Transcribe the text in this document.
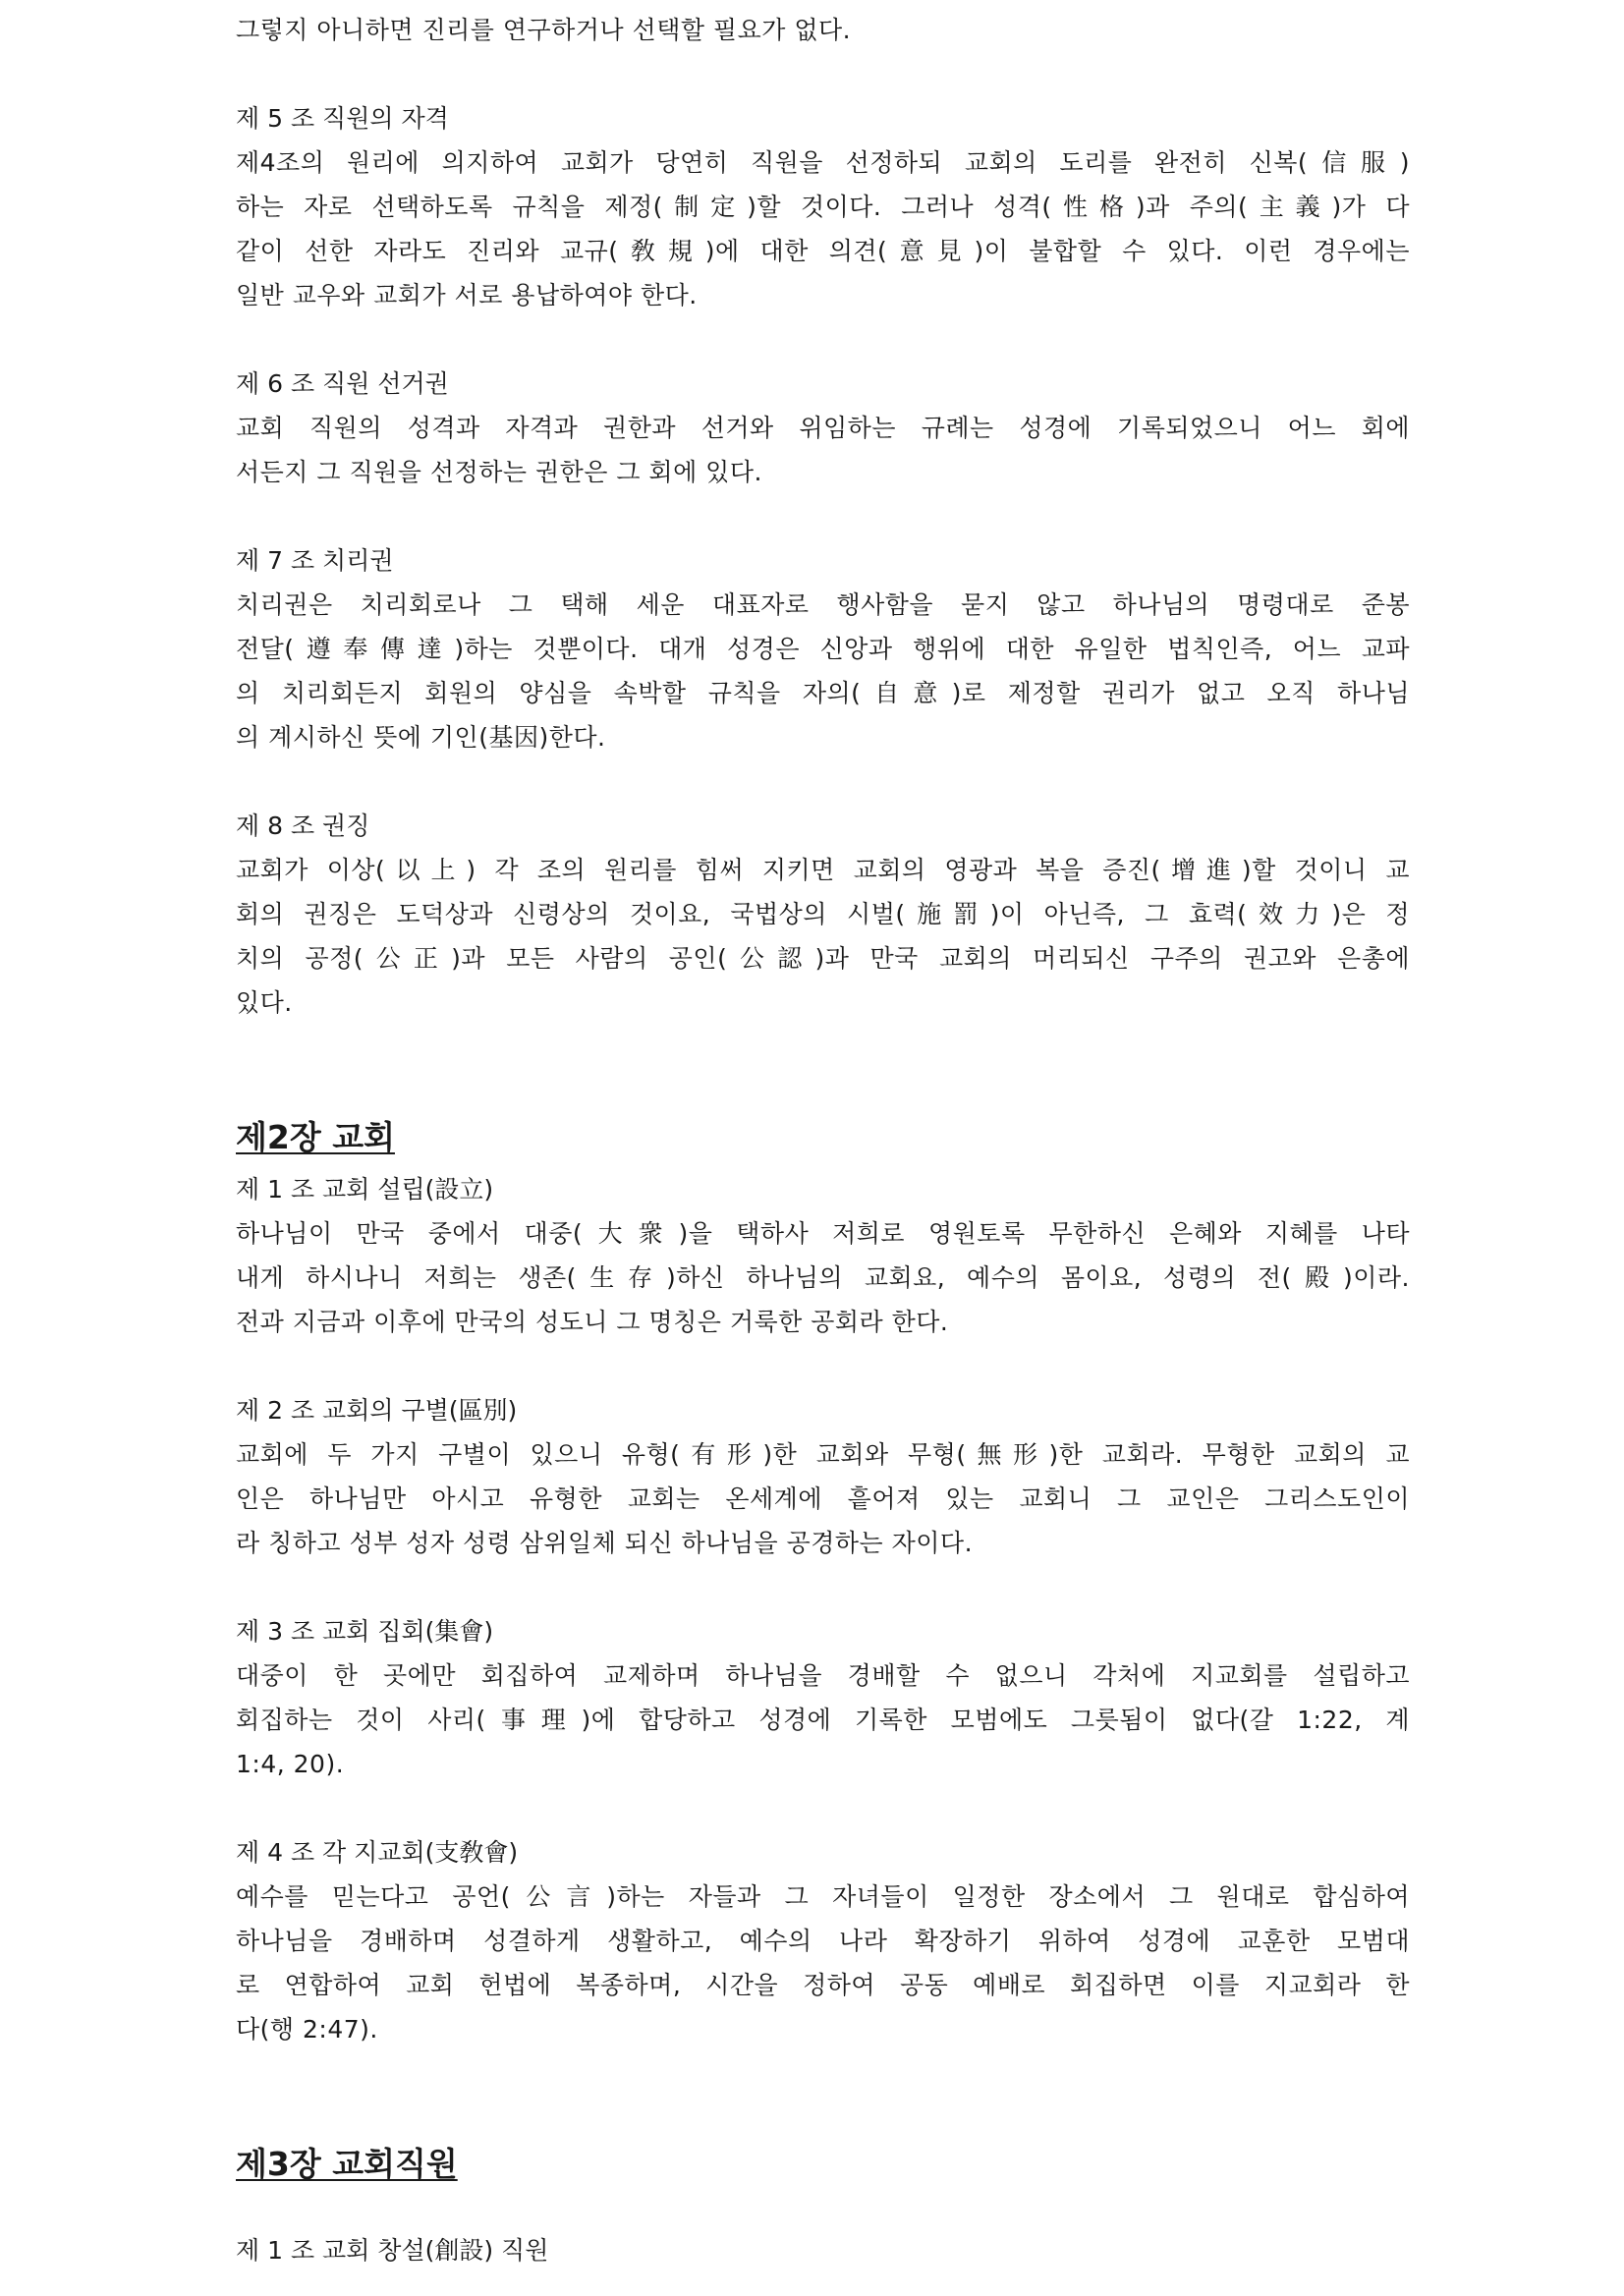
그렇지 아니하면 진리를 연구하거나 선택할 필요가 없다.
제 5 조 직원의 자격
제4조의 원리에 의지하여 교회가 당연히 직원을 선정하되 교회의 도리를 완전히 신복(信服)
하는 자로 선택하도록 규칙을 제정(制定)할 것이다. 그러나 성격(性格)과 주의(主義)가 다
같이 선한 자라도 진리와 교규(敎規)에 대한 의견(意見)이 불합할 수 있다. 이런 경우에는
일반 교우와 교회가 서로 용납하여야 한다.
제 6 조 직원 선거권
교회 직원의 성격과 자격과 권한과 선거와 위임하는 규례는 성경에 기록되었으니 어느 회에
서든지 그 직원을 선정하는 권한은 그 회에 있다.
제 7 조 치리권
치리권은 치리회로나 그 택해 세운 대표자로 행사함을 묻지 않고 하나님의 명령대로 준봉
전달(遵奉傳達)하는 것뿐이다. 대개 성경은 신앙과 행위에 대한 유일한 법칙인즉, 어느 교파
의 치리회든지 회원의 양심을 속박할 규칙을 자의(自意)로 제정할 권리가 없고 오직 하나님
의 계시하신 뜻에 기인(基因)한다.
제 8 조 권징
교회가 이상(以上) 각 조의 원리를 힘써 지키면 교회의 영광과 복을 증진(增進)할 것이니 교
회의 권징은 도덕상과 신령상의 것이요, 국법상의 시벌(施罰)이 아닌즉, 그 효력(效力)은 정
치의 공정(公正)과 모든 사람의 공인(公認)과 만국 교회의 머리되신 구주의 권고와 은총에
있다.
제2장 교회
제 1 조 교회 설립(設立)
하나님이 만국 중에서 대중(大衆)을 택하사 저희로 영원토록 무한하신 은혜와 지혜를 나타
내게 하시나니 저희는 생존(生存)하신 하나님의 교회요, 예수의 몸이요, 성령의 전(殿)이라.
전과 지금과 이후에 만국의 성도니 그 명칭은 거룩한 공회라 한다.
제 2 조 교회의 구별(區別)
교회에 두 가지 구별이 있으니 유형(有形)한 교회와 무형(無形)한 교회라. 무형한 교회의 교
인은 하나님만 아시고 유형한 교회는 온세계에 흩어져 있는 교회니 그 교인은 그리스도인이
라 칭하고 성부 성자 성령 삼위일체 되신 하나님을 공경하는 자이다.
제 3 조 교회 집회(集會)
대중이 한 곳에만 회집하여 교제하며 하나님을 경배할 수 없으니 각처에 지교회를 설립하고
회집하는 것이 사리(事理)에 합당하고 성경에 기록한 모범에도 그릇됨이 없다(갈 1:22, 계
1:4, 20).
제 4 조 각 지교회(支敎會)
예수를 믿는다고 공언(公言)하는 자들과 그 자녀들이 일정한 장소에서 그 원대로 합심하여
하나님을 경배하며 성결하게 생활하고, 예수의 나라 확장하기 위하여 성경에 교훈한 모범대
로 연합하여 교회 헌법에 복종하며, 시간을 정하여 공동 예배로 회집하면 이를 지교회라 한
다(행 2:47).
제3장 교회직원
제 1 조 교회 창설(創設) 직원
